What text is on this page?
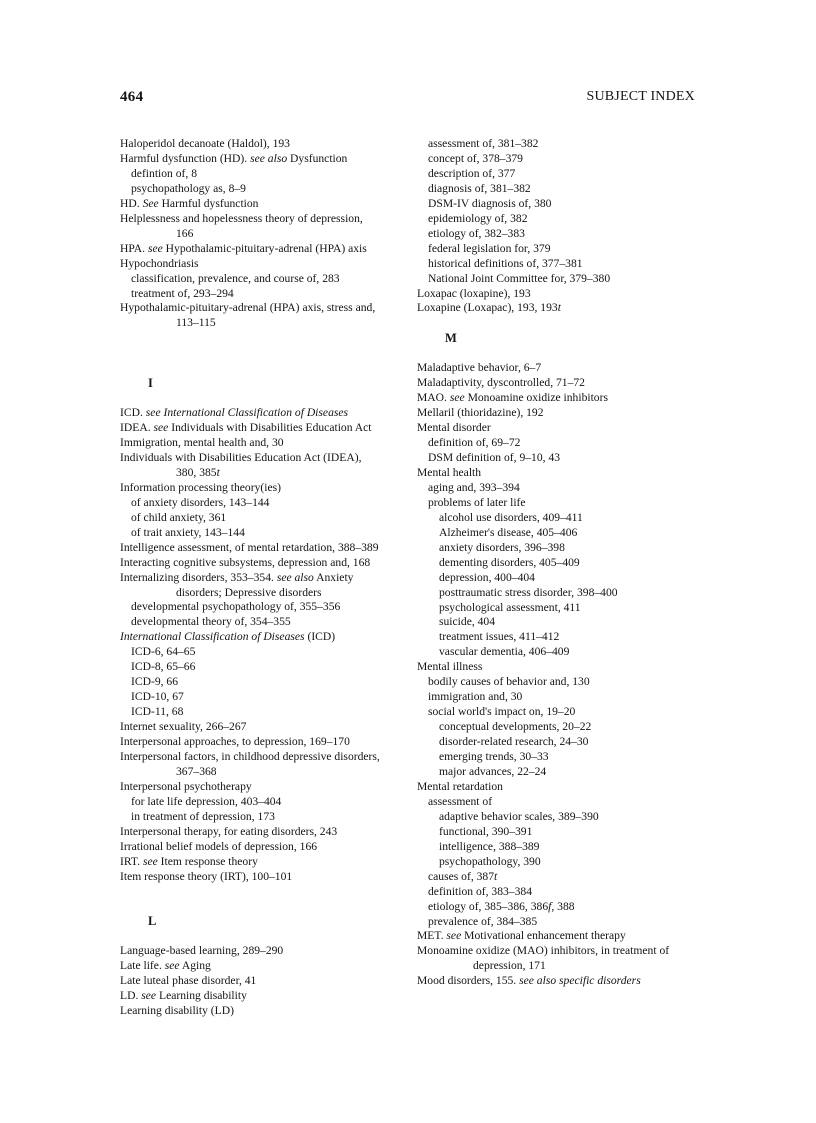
464	SUBJECT INDEX
Haloperidol decanoate (Haldol), 193
Harmful dysfunction (HD). see also Dysfunction
defintion of, 8
psychopathology as, 8–9
HD. See Harmful dysfunction
Helplessness and hopelessness theory of depression,
166
HPA. see Hypothalamic-pituitary-adrenal (HPA) axis
Hypochondriasis
classification, prevalence, and course of, 283
treatment of, 293–294
Hypothalamic-pituitary-adrenal (HPA) axis, stress and,
113–115
I
ICD. see International Classification of Diseases
IDEA. see Individuals with Disabilities Education Act
Immigration, mental health and, 30
Individuals with Disabilities Education Act (IDEA),
380, 385t
Information processing theory(ies)
of anxiety disorders, 143–144
of child anxiety, 361
of trait anxiety, 143–144
Intelligence assessment, of mental retardation, 388–389
Interacting cognitive subsystems, depression and, 168
Internalizing disorders, 353–354. see also Anxiety
disorders; Depressive disorders
developmental psychopathology of, 355–356
developmental theory of, 354–355
International Classification of Diseases (ICD)
ICD-6, 64–65
ICD-8, 65–66
ICD-9, 66
ICD-10, 67
ICD-11, 68
Internet sexuality, 266–267
Interpersonal approaches, to depression, 169–170
Interpersonal factors, in childhood depressive disorders,
367–368
Interpersonal psychotherapy
for late life depression, 403–404
in treatment of depression, 173
Interpersonal therapy, for eating disorders, 243
Irrational belief models of depression, 166
IRT. see Item response theory
Item response theory (IRT), 100–101
L
Language-based learning, 289–290
Late life. see Aging
Late luteal phase disorder, 41
LD. see Learning disability
Learning disability (LD)
assessment of, 381–382
concept of, 378–379
description of, 377
diagnosis of, 381–382
DSM-IV diagnosis of, 380
epidemiology of, 382
etiology of, 382–383
federal legislation for, 379
historical definitions of, 377–381
National Joint Committee for, 379–380
Loxapac (loxapine), 193
Loxapine (Loxapac), 193, 193t
M
Maladaptive behavior, 6–7
Maladaptivity, dyscontrolled, 71–72
MAO. see Monoamine oxidize inhibitors
Mellaril (thioridazine), 192
Mental disorder
definition of, 69–72
DSM definition of, 9–10, 43
Mental health
aging and, 393–394
problems of later life
alcohol use disorders, 409–411
Alzheimer's disease, 405–406
anxiety disorders, 396–398
dementing disorders, 405–409
depression, 400–404
posttraumatic stress disorder, 398–400
psychological assessment, 411
suicide, 404
treatment issues, 411–412
vascular dementia, 406–409
Mental illness
bodily causes of behavior and, 130
immigration and, 30
social world's impact on, 19–20
conceptual developments, 20–22
disorder-related research, 24–30
emerging trends, 30–33
major advances, 22–24
Mental retardation
assessment of
adaptive behavior scales, 389–390
functional, 390–391
intelligence, 388–389
psychopathology, 390
causes of, 387t
definition of, 383–384
etiology of, 385–386, 386f, 388
prevalence of, 384–385
MET. see Motivational enhancement therapy
Monoamine oxidize (MAO) inhibitors, in treatment of
depression, 171
Mood disorders, 155. see also specific disorders
